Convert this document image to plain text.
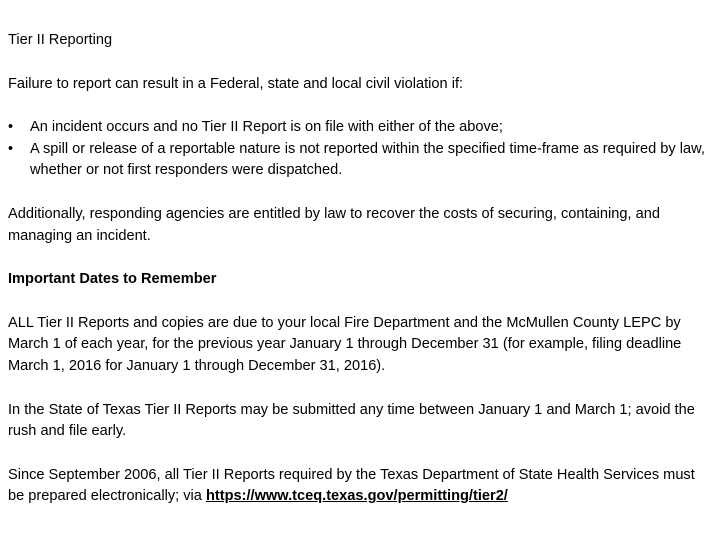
Tier II Reporting

Failure to report can result in a Federal, state and local civil violation if:

• An incident occurs and no Tier II Report is on file with either of the above;
• A spill or release of a reportable nature is not reported within the specified time-frame as required by law, whether or not first responders were dispatched.

Additionally, responding agencies are entitled by law to recover the costs of securing, containing, and managing an incident.

Important Dates to Remember

ALL Tier II Reports and copies are due to your local Fire Department and the McMullen County LEPC by March 1 of each year, for the previous year January 1 through December 31 (for example, filing deadline March 1, 2016 for January 1 through December 31, 2016).

In the State of Texas Tier II Reports may be submitted any time between January 1 and March 1; avoid the rush and file early.

Since September 2006, all Tier II Reports required by the Texas Department of State Health Services must be prepared electronically; via https://www.tceq.texas.gov/permitting/tier2/
